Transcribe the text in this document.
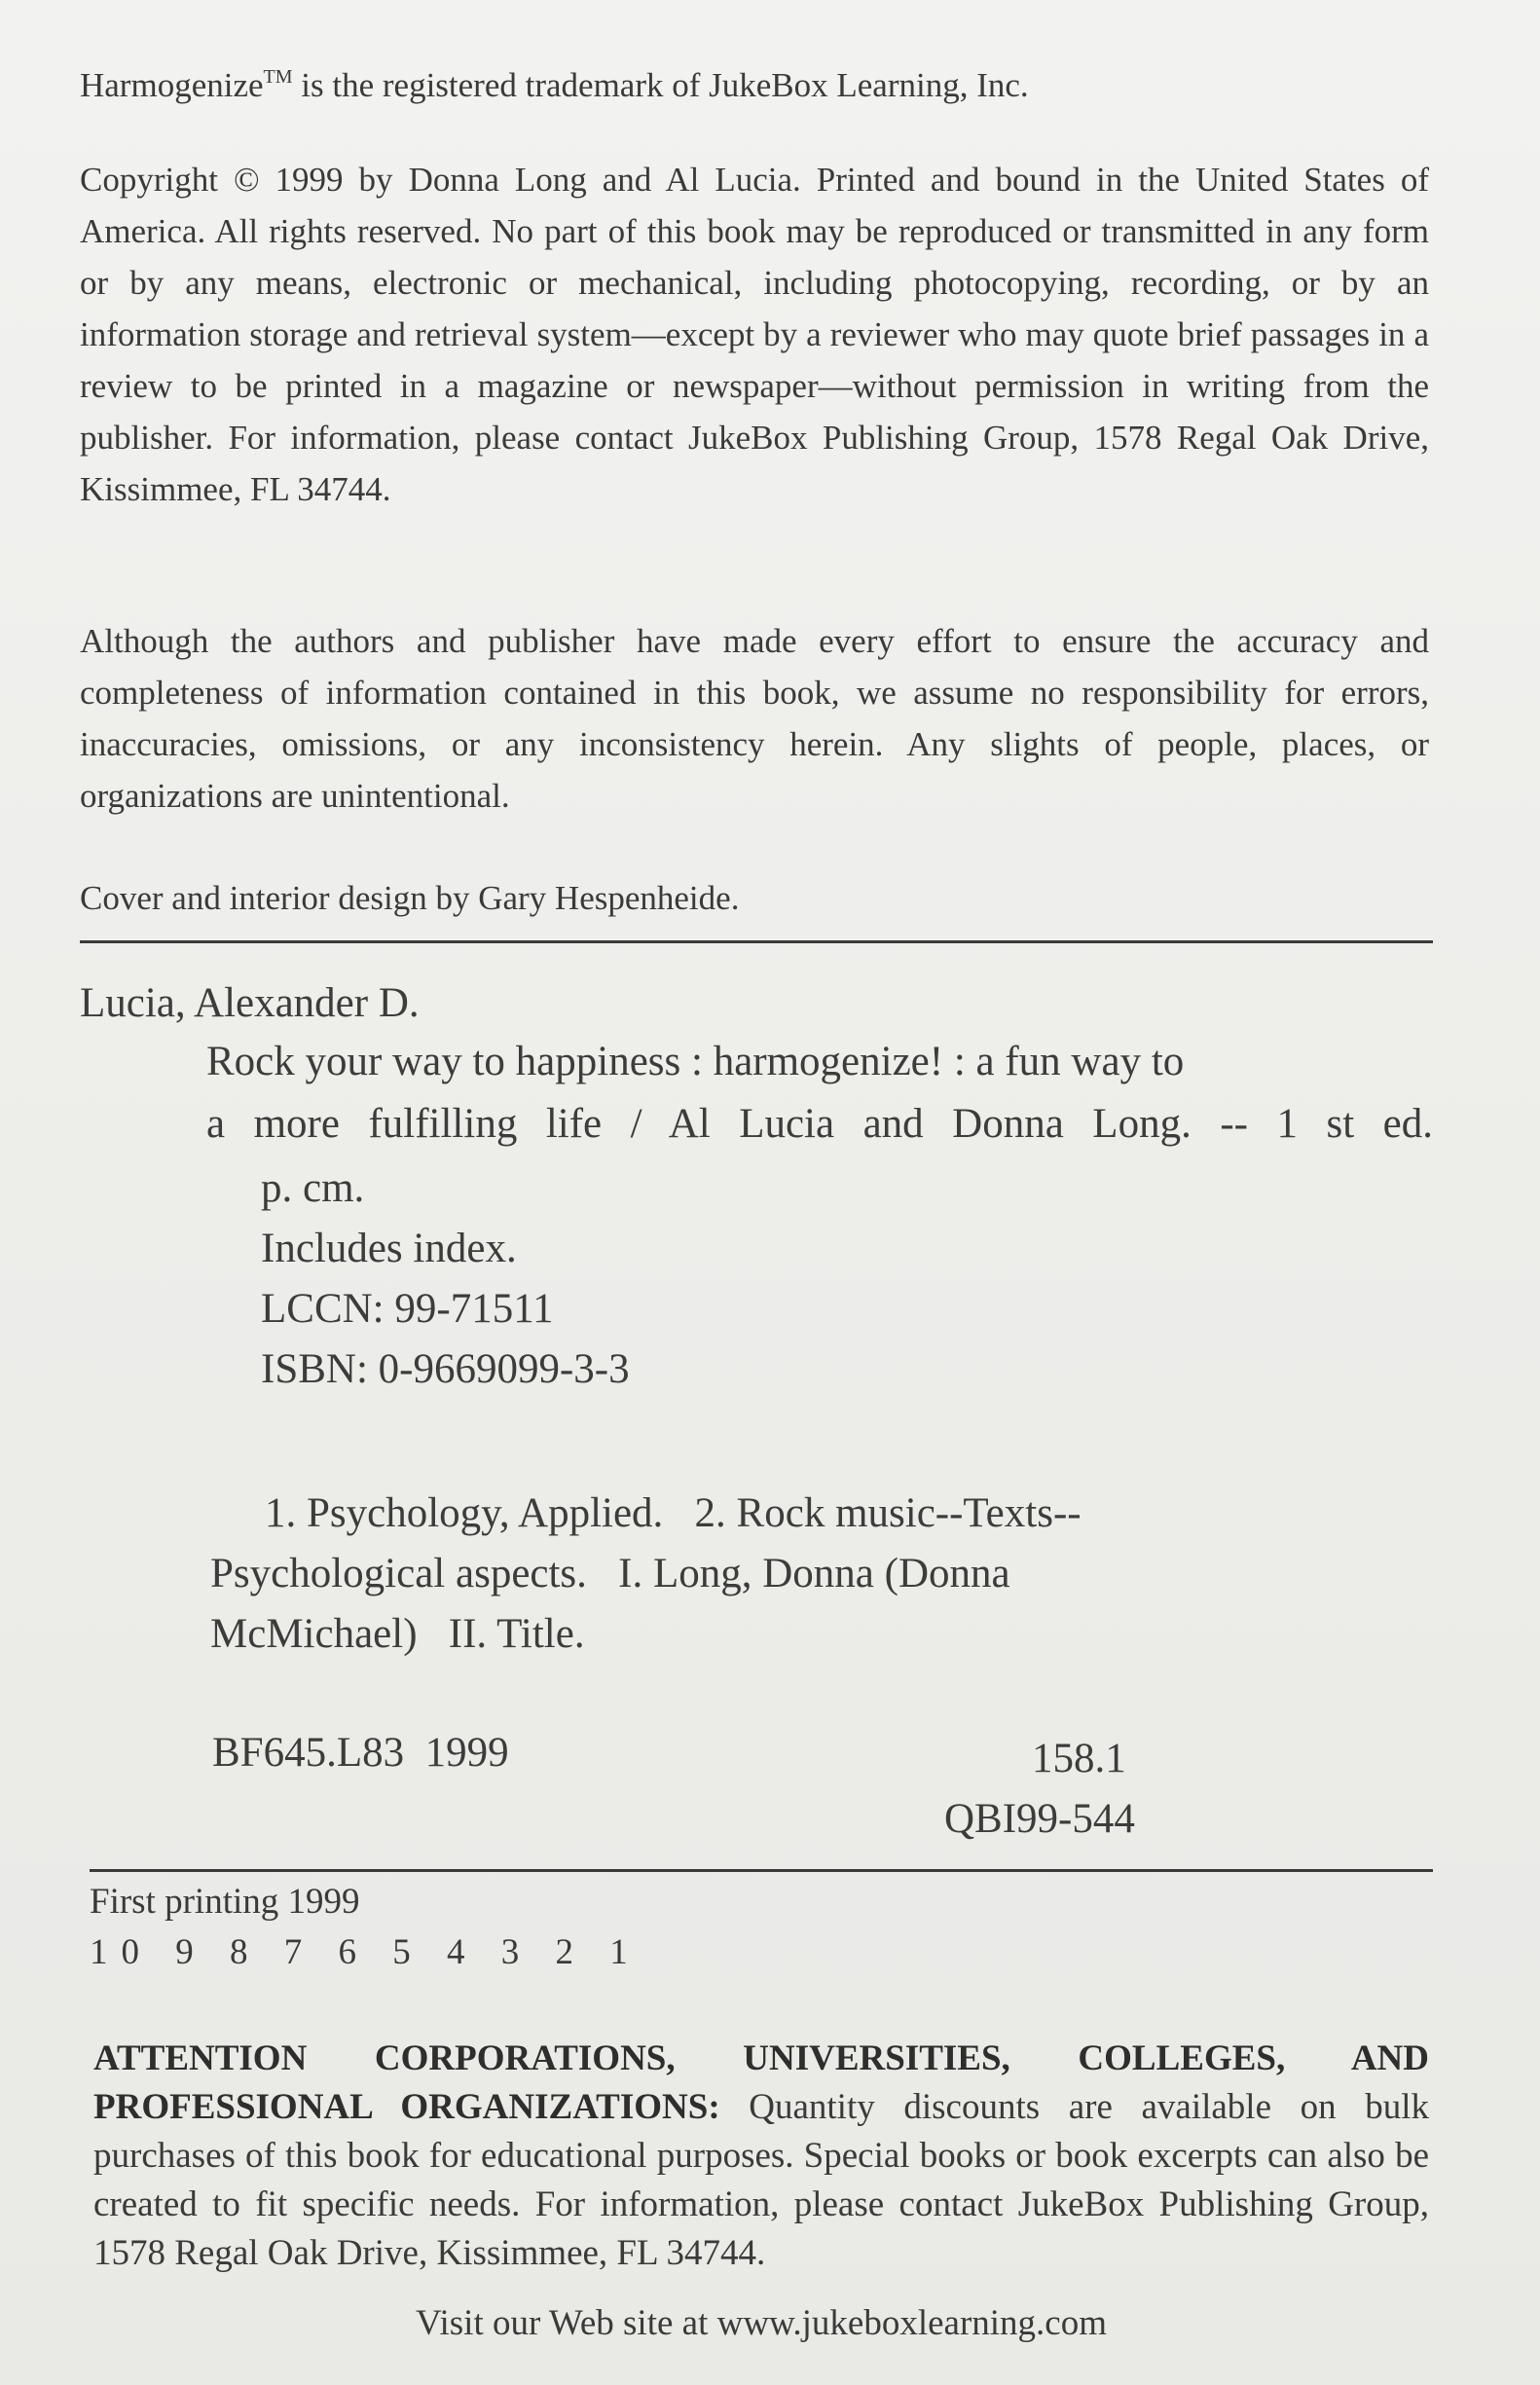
Harmogenize™ is the registered trademark of JukeBox Learning, Inc.

Copyright © 1999 by Donna Long and Al Lucia. Printed and bound in the United States of America. All rights reserved. No part of this book may be reproduced or transmitted in any form or by any means, electronic or mechanical, including photocopying, recording, or by an information storage and retrieval system—except by a reviewer who may quote brief passages in a review to be printed in a magazine or newspaper—without permission in writing from the publisher. For information, please contact JukeBox Publishing Group, 1578 Regal Oak Drive, Kissimmee, FL 34744.

Although the authors and publisher have made every effort to ensure the accuracy and completeness of information contained in this book, we assume no responsibility for errors, inaccuracies, omissions, or any inconsistency herein. Any slights of people, places, or organizations are unintentional.

Cover and interior design by Gary Hespenheide.

Lucia, Alexander D.
Rock your way to happiness : harmogenize! : a fun way to
a more fulfilling life / Al Lucia and Donna Long. -- 1 st ed.
p. cm.
Includes index.
LCCN: 99-71511
ISBN: 0-9669099-3-3
1. Psychology, Applied.   2. Rock music--Texts--
Psychological aspects.   I. Long, Donna (Donna
McMichael)   II. Title.
BF645.L83  1999	158.1
QBI99-544
First printing 1999
10 9 8 7 6 5 4 3 2 1

ATTENTION CORPORATIONS, UNIVERSITIES, COLLEGES, AND PROFESSIONAL ORGANIZATIONS: Quantity discounts are available on bulk purchases of this book for educational purposes. Special books or book excerpts can also be created to fit specific needs. For information, please contact JukeBox Publishing Group, 1578 Regal Oak Drive, Kissimmee, FL 34744.

Visit our Web site at www.jukeboxlearning.com
